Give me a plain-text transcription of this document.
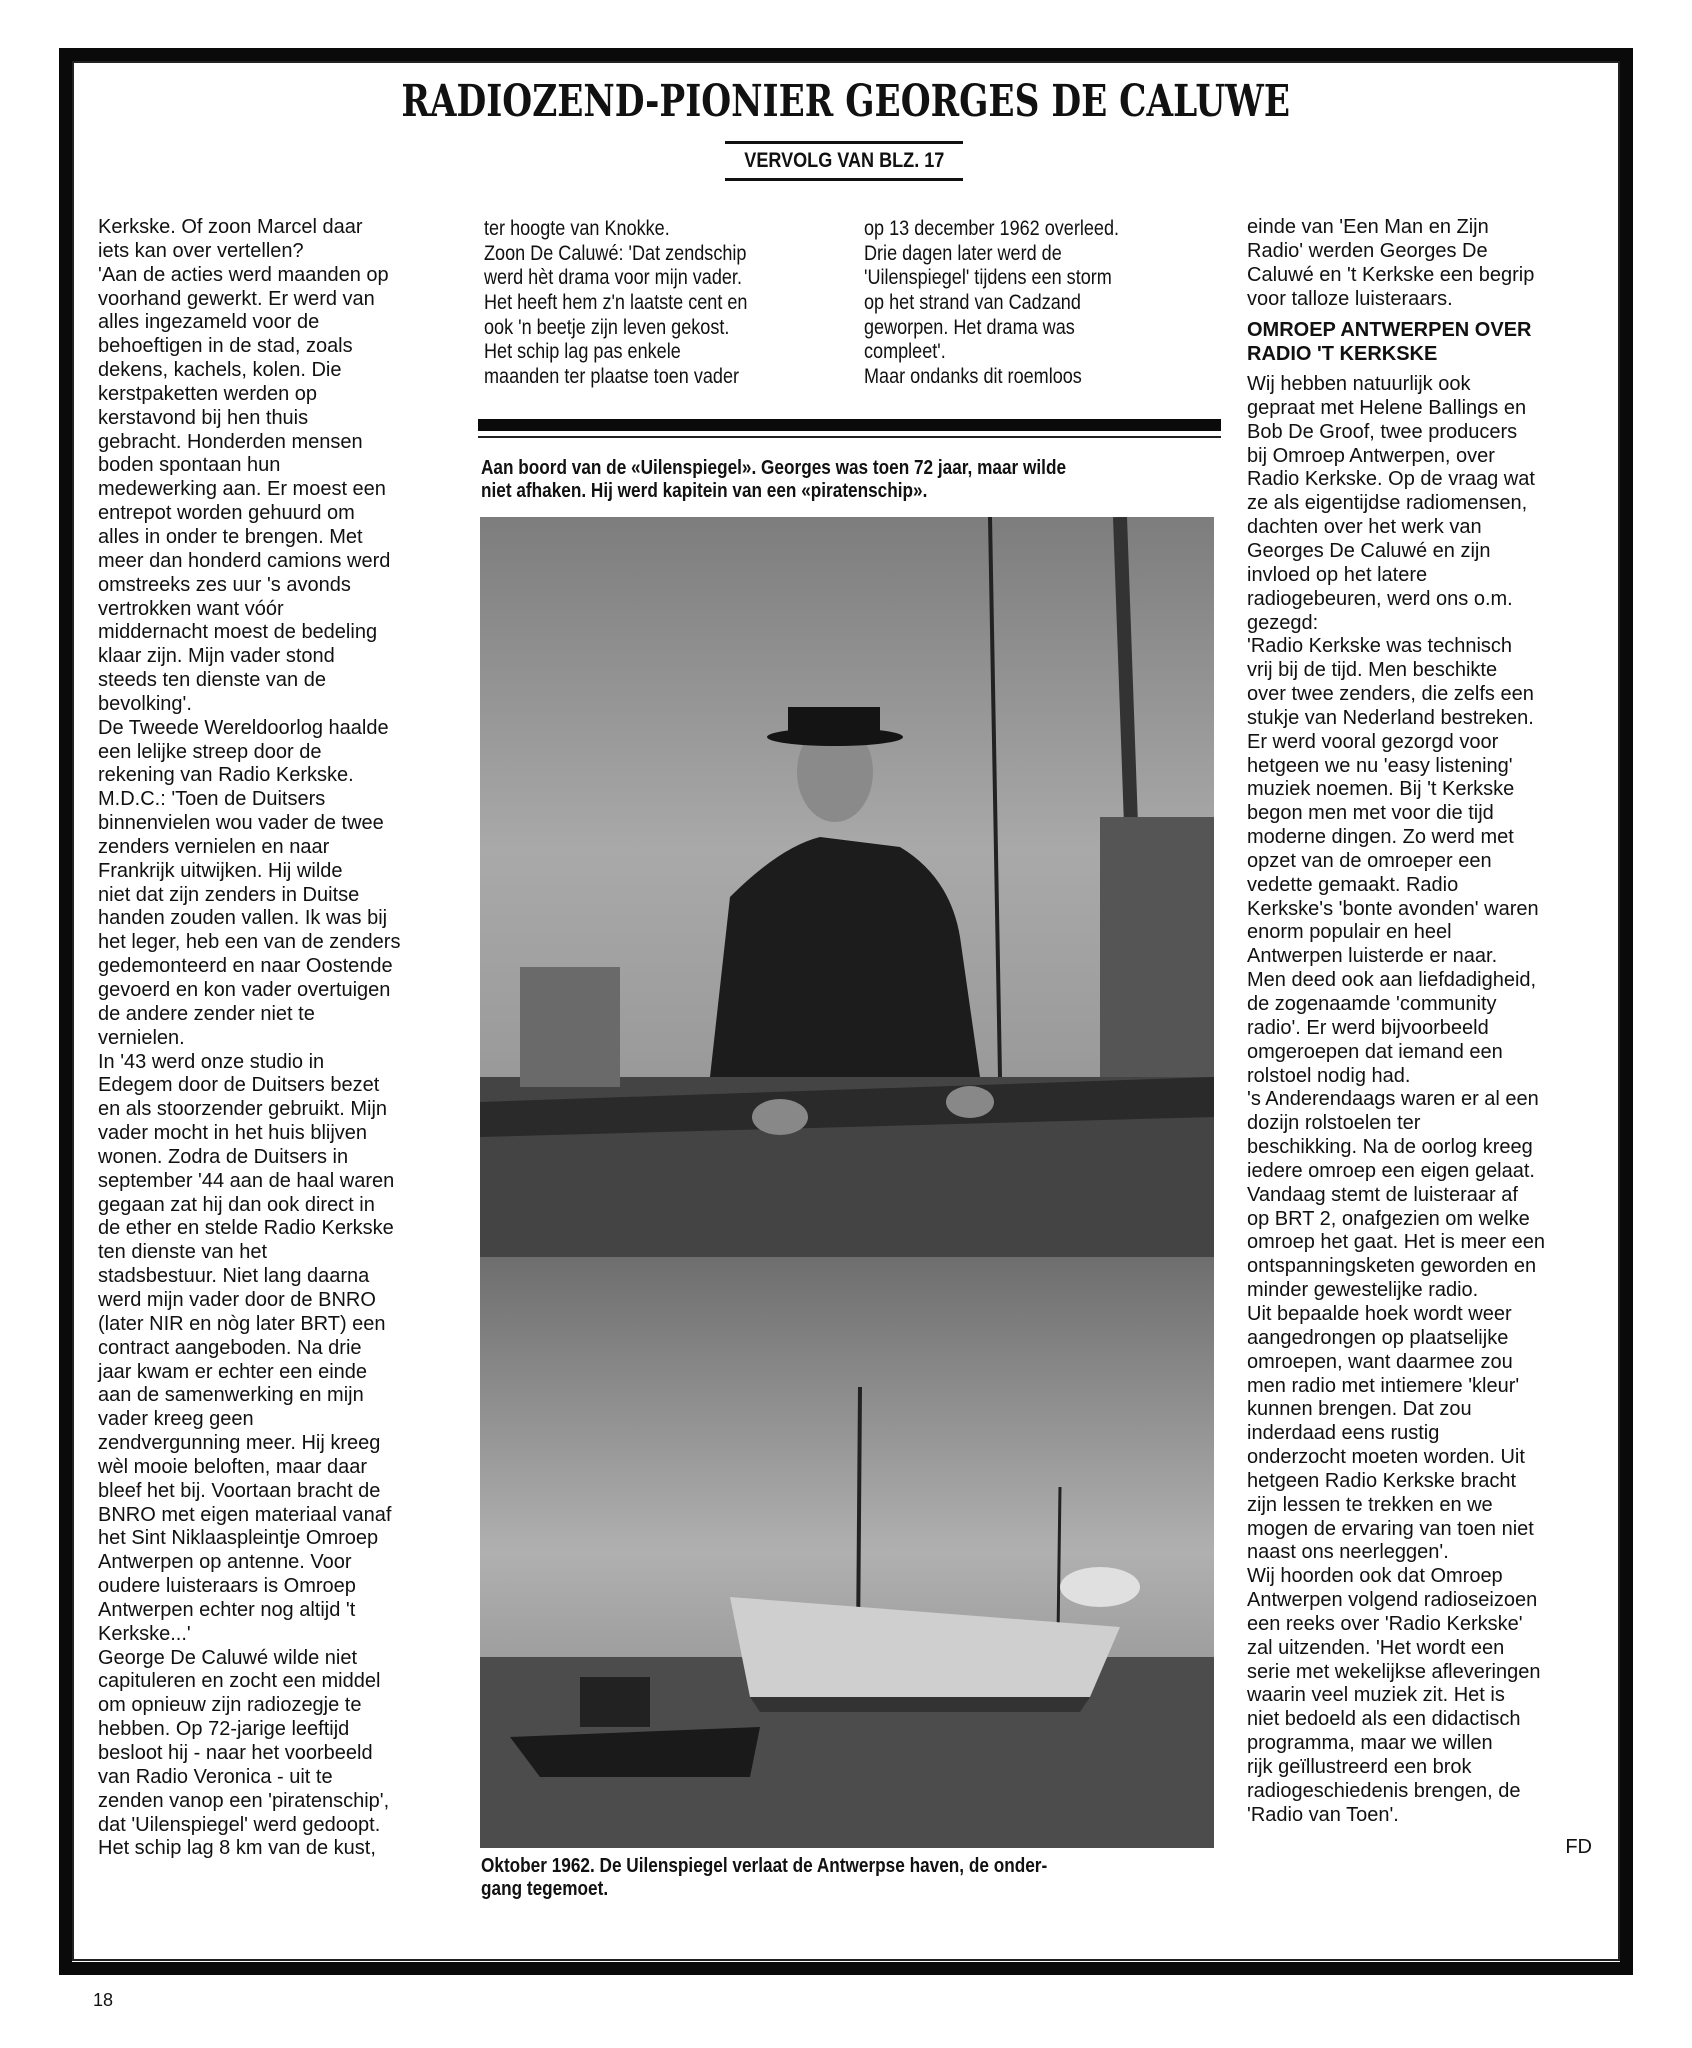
RADIOZEND-PIONIER GEORGES DE CALUWE
VERVOLG VAN BLZ. 17
Kerkske. Of zoon Marcel daar
iets kan over vertellen?
'Aan de acties werd maanden op
voorhand gewerkt. Er werd van
alles ingezameld voor de
behoeftigen in de stad, zoals
dekens, kachels, kolen. Die
kerstpaketten werden op
kerstavond bij hen thuis
gebracht. Honderden mensen
boden spontaan hun
medewerking aan. Er moest een
entrepot worden gehuurd om
alles in onder te brengen. Met
meer dan honderd camions werd
omstreeks zes uur 's avonds
vertrokken want vóór
middernacht moest de bedeling
klaar zijn. Mijn vader stond
steeds ten dienste van de
bevolking'.
De Tweede Wereldoorlog haalde
een lelijke streep door de
rekening van Radio Kerkske.
M.D.C.: 'Toen de Duitsers
binnenvielen wou vader de twee
zenders vernielen en naar
Frankrijk uitwijken. Hij wilde
niet dat zijn zenders in Duitse
handen zouden vallen. Ik was bij
het leger, heb een van de zenders
gedemonteerd en naar Oostende
gevoerd en kon vader overtuigen
de andere zender niet te
vernielen.
In '43 werd onze studio in
Edegem door de Duitsers bezet
en als stoorzender gebruikt. Mijn
vader mocht in het huis blijven
wonen. Zodra de Duitsers in
september '44 aan de haal waren
gegaan zat hij dan ook direct in
de ether en stelde Radio Kerkske
ten dienste van het
stadsbestuur. Niet lang daarna
werd mijn vader door de BNRO
(later NIR en nòg later BRT) een
contract aangeboden. Na drie
jaar kwam er echter een einde
aan de samenwerking en mijn
vader kreeg geen
zendvergunning meer. Hij kreeg
wèl mooie beloften, maar daar
bleef het bij. Voortaan bracht de
BNRO met eigen materiaal vanaf
het Sint Niklaaspleintje Omroep
Antwerpen op antenne. Voor
oudere luisteraars is Omroep
Antwerpen echter nog altijd 't
Kerkske...'
George De Caluwé wilde niet
capituleren en zocht een middel
om opnieuw zijn radiozegje te
hebben. Op 72-jarige leeftijd
besloot hij - naar het voorbeeld
van Radio Veronica - uit te
zenden vanop een 'piratenschip',
dat 'Uilenspiegel' werd gedoopt.
Het schip lag 8 km van de kust,
ter hoogte van Knokke.
Zoon De Caluwé: 'Dat zendschip
werd hèt drama voor mijn vader.
Het heeft hem z'n laatste cent en
ook 'n beetje zijn leven gekost.
Het schip lag pas enkele
maanden ter plaatse toen vader
op 13 december 1962 overleed.
Drie dagen later werd de
'Uilenspiegel' tijdens een storm
op het strand van Cadzand
geworpen. Het drama was
compleet'.
Maar ondanks dit roemloos
einde van 'Een Man en Zijn
Radio' werden Georges De
Caluwé en 't Kerkske een begrip
voor talloze luisteraars.
OMROEP ANTWERPEN OVER
RADIO 'T KERKSKE
Wij hebben natuurlijk ook
gepraat met Helene Ballings en
Bob De Groof, twee producers
bij Omroep Antwerpen, over
Radio Kerkske. Op de vraag wat
ze als eigentijdse radiomensen,
dachten over het werk van
Georges De Caluwé en zijn
invloed op het latere
radiogebeuren, werd ons o.m.
gezegd:
'Radio Kerkske was technisch
vrij bij de tijd. Men beschikte
over twee zenders, die zelfs een
stukje van Nederland bestreken.
Er werd vooral gezorgd voor
hetgeen we nu 'easy listening'
muziek noemen. Bij 't Kerkske
begon men met voor die tijd
moderne dingen. Zo werd met
opzet van de omroeper een
vedette gemaakt. Radio
Kerkske's 'bonte avonden' waren
enorm populair en heel
Antwerpen luisterde er naar.
Men deed ook aan liefdadigheid,
de zogenaamde 'community
radio'. Er werd bijvoorbeeld
omgeroepen dat iemand een
rolstoel nodig had.
's Anderendaags waren er al een
dozijn rolstoelen ter
beschikking. Na de oorlog kreeg
iedere omroep een eigen gelaat.
Vandaag stemt de luisteraar af
op BRT 2, onafgezien om welke
omroep het gaat. Het is meer een
ontspanningsketen geworden en
minder gewestelijke radio.
Uit bepaalde hoek wordt weer
aangedrongen op plaatselijke
omroepen, want daarmee zou
men radio met intiemere 'kleur'
kunnen brengen. Dat zou
inderdaad eens rustig
onderzocht moeten worden. Uit
hetgeen Radio Kerkske bracht
zijn lessen te trekken en we
mogen de ervaring van toen niet
naast ons neerleggen'.
Wij hoorden ook dat Omroep
Antwerpen volgend radioseizoen
een reeks over 'Radio Kerkske'
zal uitzenden. 'Het wordt een
serie met wekelijkse afleveringen
waarin veel muziek zit. Het is
niet bedoeld als een didactisch
programma, maar we willen
rijk geïllustreerd een brok
radiogeschiedenis brengen, de
'Radio van Toen'.
FD
Aan boord van de «Uilenspiegel». Georges was toen 72 jaar, maar wilde
niet afhaken. Hij werd kapitein van een «piratenschip».
Oktober 1962. De Uilenspiegel verlaat de Antwerpse haven, de onder-
gang tegemoet.
18
